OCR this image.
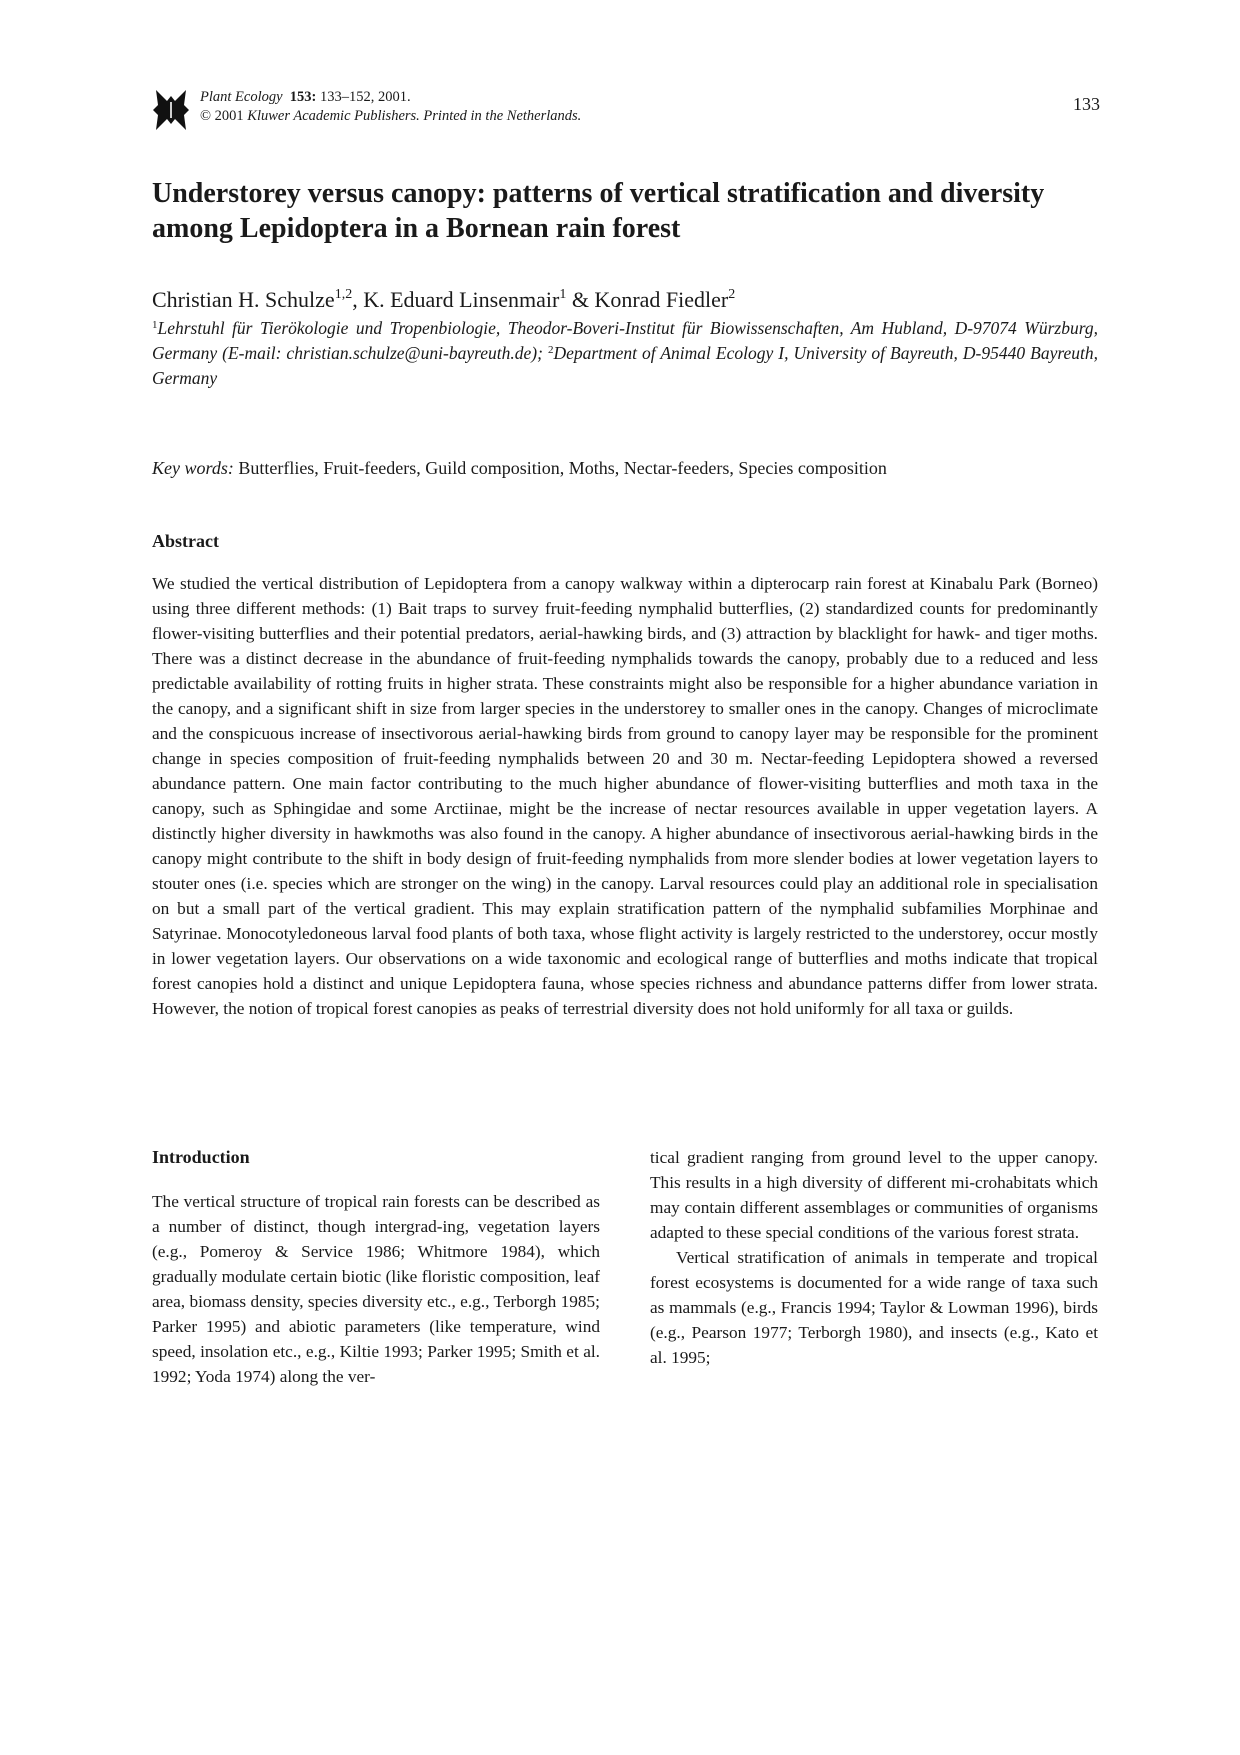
Plant Ecology 153: 133–152, 2001.
© 2001 Kluwer Academic Publishers. Printed in the Netherlands.
133
Understorey versus canopy: patterns of vertical stratification and diversity among Lepidoptera in a Bornean rain forest
Christian H. Schulze$^{1,2}$, K. Eduard Linsenmair$^1$ & Konrad Fiedler$^2$
$^1$Lehrstuhl für Tierökologie und Tropenbiologie, Theodor-Boveri-Institut für Biowissenschaften, Am Hubland, D-97074 Würzburg, Germany (E-mail: christian.schulze@uni-bayreuth.de); $^2$Department of Animal Ecology I, University of Bayreuth, D-95440 Bayreuth, Germany
Key words: Butterflies, Fruit-feeders, Guild composition, Moths, Nectar-feeders, Species composition
Abstract

We studied the vertical distribution of Lepidoptera from a canopy walkway within a dipterocarp rain forest at Kinabalu Park (Borneo) using three different methods: (1) Bait traps to survey fruit-feeding nymphalid butterflies, (2) standardized counts for predominantly flower-visiting butterflies and their potential predators, aerial-hawking birds, and (3) attraction by blacklight for hawk- and tiger moths. There was a distinct decrease in the abundance of fruit-feeding nymphalids towards the canopy, probably due to a reduced and less predictable availability of rotting fruits in higher strata. These constraints might also be responsible for a higher abundance variation in the canopy, and a significant shift in size from larger species in the understorey to smaller ones in the canopy. Changes of microclimate and the conspicuous increase of insectivorous aerial-hawking birds from ground to canopy layer may be responsible for the prominent change in species composition of fruit-feeding nymphalids between 20 and 30 m. Nectar-feeding Lepidoptera showed a reversed abundance pattern. One main factor contributing to the much higher abundance of flower-visiting butterflies and moth taxa in the canopy, such as Sphingidae and some Arctiinae, might be the increase of nectar resources available in upper vegetation layers. A distinctly higher diversity in hawkmoths was also found in the canopy. A higher abundance of insectivorous aerial-hawking birds in the canopy might contribute to the shift in body design of fruit-feeding nymphalids from more slender bodies at lower vegetation layers to stouter ones (i.e. species which are stronger on the wing) in the canopy. Larval resources could play an additional role in specialisation on but a small part of the vertical gradient. This may explain stratification pattern of the nymphalid subfamilies Morphinae and Satyrinae. Monocotyledoneous larval food plants of both taxa, whose flight activity is largely restricted to the understorey, occur mostly in lower vegetation layers. Our observations on a wide taxonomic and ecological range of butterflies and moths indicate that tropical forest canopies hold a distinct and unique Lepidoptera fauna, whose species richness and abundance patterns differ from lower strata. However, the notion of tropical forest canopies as peaks of terrestrial diversity does not hold uniformly for all taxa or guilds.

Introduction

The vertical structure of tropical rain forests can be described as a number of distinct, though intergrad-ing, vegetation layers (e.g., Pomeroy & Service 1986; Whitmore 1984), which gradually modulate certain biotic (like floristic composition, leaf area, biomass density, species diversity etc., e.g., Terborgh 1985; Parker 1995) and abiotic parameters (like temperature, wind speed, insolation etc., e.g., Kiltie 1993; Parker 1995; Smith et al. 1992; Yoda 1974) along the ver-

tical gradient ranging from ground level to the upper canopy. This results in a high diversity of different mi-crohabitats which may contain different assemblages or communities of organisms adapted to these special conditions of the various forest strata.

Vertical stratification of animals in temperate and tropical forest ecosystems is documented for a wide range of taxa such as mammals (e.g., Francis 1994; Taylor & Lowman 1996), birds (e.g., Pearson 1977; Terborgh 1980), and insects (e.g., Kato et al. 1995;
